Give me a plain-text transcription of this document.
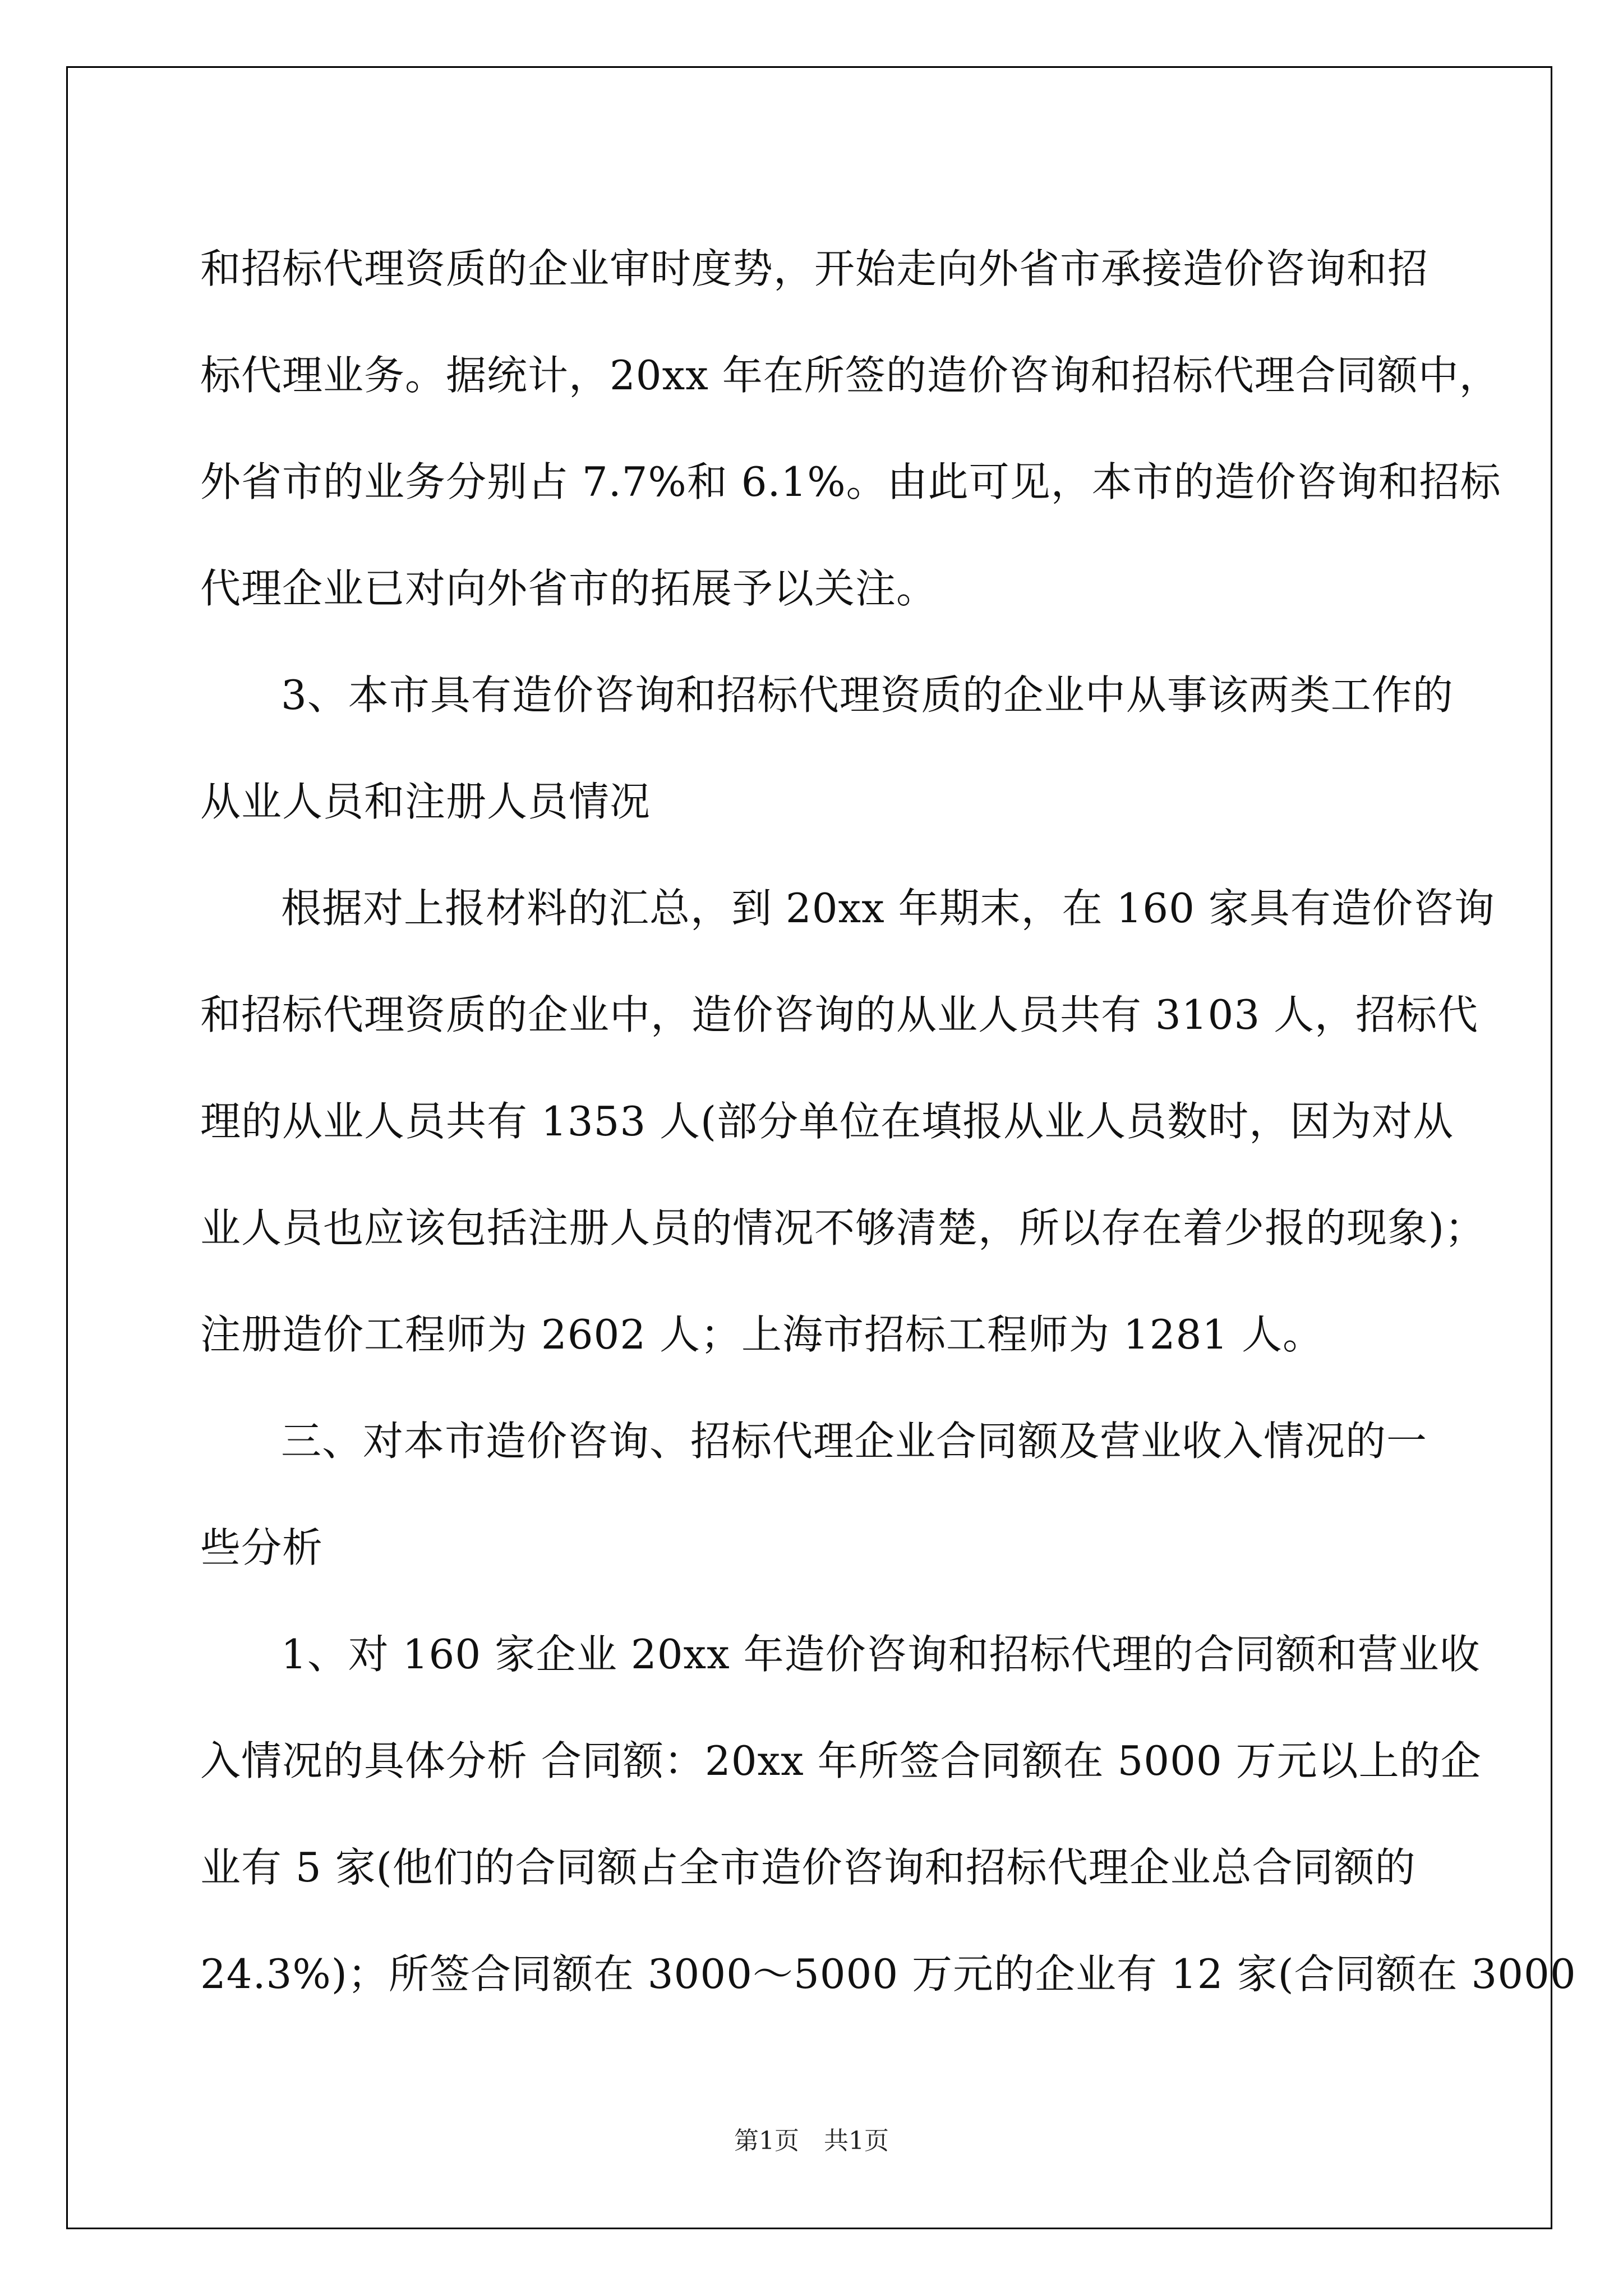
和招标代理资质的企业审时度势，开始走向外省市承接造价咨询和招
标代理业务。据统计，20xx 年在所签的造价咨询和招标代理合同额中，
外省市的业务分别占 7.7%和 6.1%。由此可见，本市的造价咨询和招标
代理企业已对向外省市的拓展予以关注。
3、本市具有造价咨询和招标代理资质的企业中从事该两类工作的
从业人员和注册人员情况
根据对上报材料的汇总，到 20xx 年期末，在 160 家具有造价咨询
和招标代理资质的企业中，造价咨询的从业人员共有 3103 人，招标代
理的从业人员共有 1353 人(部分单位在填报从业人员数时，因为对从
业人员也应该包括注册人员的情况不够清楚，所以存在着少报的现象)；
注册造价工程师为 2602 人；上海市招标工程师为 1281 人。
三、对本市造价咨询、招标代理企业合同额及营业收入情况的一
些分析
1、对 160 家企业 20xx 年造价咨询和招标代理的合同额和营业收
入情况的具体分析 合同额：20xx 年所签合同额在 5000 万元以上的企
业有 5 家(他们的合同额占全市造价咨询和招标代理企业总合同额的
24.3%)；所签合同额在 3000～5000 万元的企业有 12 家(合同额在 3000
第1页　共1页
